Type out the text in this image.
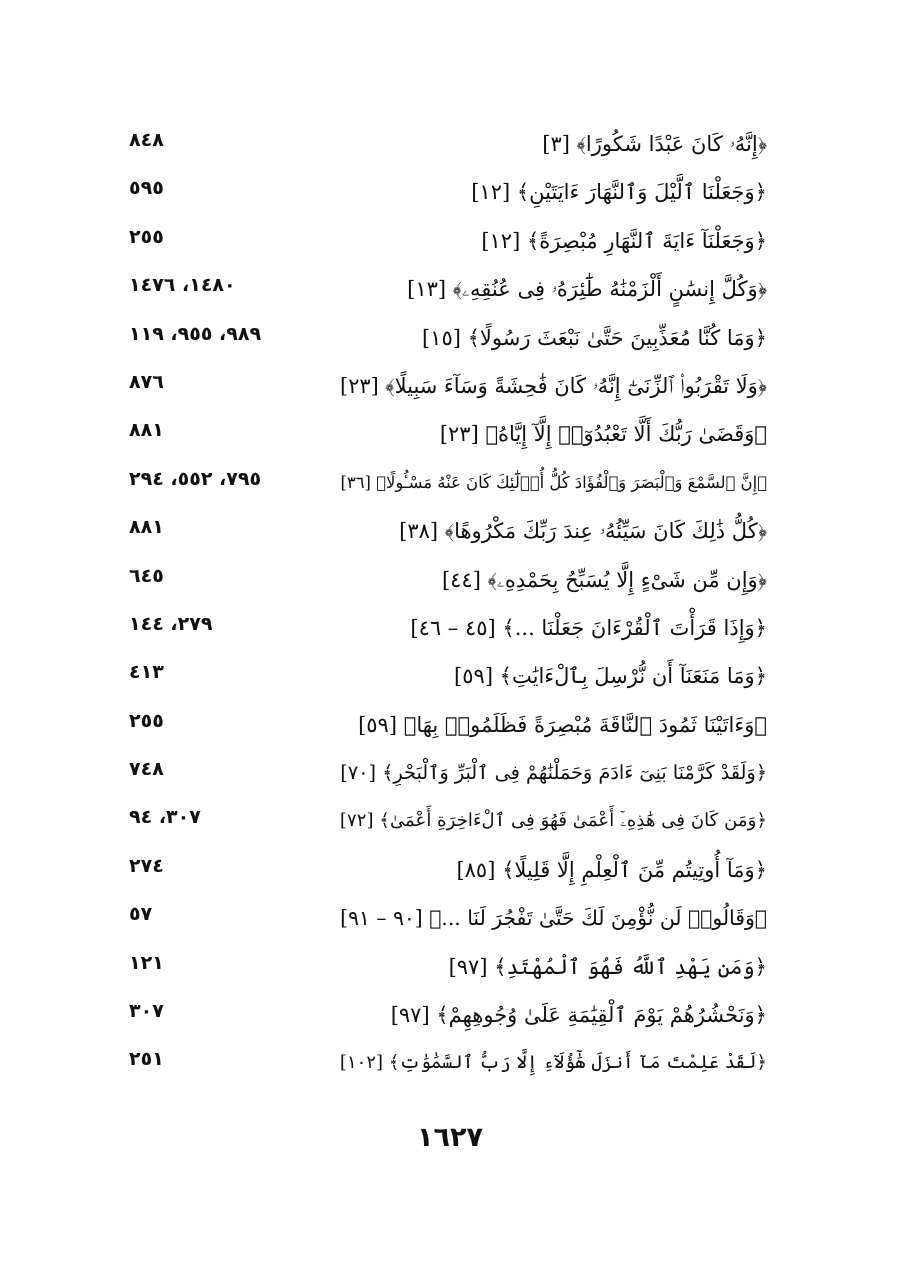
﴿إِنَّهُۥ كَانَ عَبْدًا شَكُورًا﴾ [٣]
٨٤٨
﴿وَجَعَلْنَا ٱلَّيْلَ وَٱلنَّهَارَ ءَايَتَيْنِ﴾ [١٢]
٥٩٥
﴿وَجَعَلْنَآ ءَايَةَ ٱلنَّهَارِ مُبْصِرَةً﴾ [١٢]
٢٥٥
﴿وَكُلَّ إِنسَٰنٍ أَلْزَمْنَٰهُ طَٰٓئِرَهُۥ فِى عُنُقِهِۦ﴾ [١٣]
١٤٨٠، ١٤٧٦
﴿وَمَا كُنَّا مُعَذِّبِينَ حَتَّىٰ نَبْعَثَ رَسُولًا﴾ [١٥]
٩٨٩، ٩٥٥، ١١٩
﴿وَلَا تَقْرَبُوا۟ ٱلزِّنَىٰٓ إِنَّهُۥ كَانَ فَٰحِشَةً وَسَآءَ سَبِيلًا﴾ [٢٣]
٨٧٦
﴿وَقَضَىٰ رَبُّكَ أَلَّا تَعْبُدُوٓا۟ إِلَّآ إِيَّاهُ﴾ [٢٣]
٨٨١
﴿إِنَّ ٱلسَّمْعَ وَٱلْبَصَرَ وَٱلْفُؤَادَ كُلُّ أُو۟لَٰٓئِكَ كَانَ عَنْهُ مَسْـُٔولًا﴾ [٣٦]
٧٩٥، ٥٥٢، ٢٩٤
﴿كُلُّ ذَٰلِكَ كَانَ سَيِّئُهُۥ عِندَ رَبِّكَ مَكْرُوهًا﴾ [٣٨]
٨٨١
﴿وَإِن مِّن شَىْءٍ إِلَّا يُسَبِّحُ بِحَمْدِهِۦ﴾ [٤٤]
٦٤٥
﴿وَإِذَا قَرَأْتَ ٱلْقُرْءَانَ جَعَلْنَا ...﴾ [٤٥ – ٤٦]
٢٧٩، ١٤٤
﴿وَمَا مَنَعَنَآ أَن نُّرْسِلَ بِٱلْءَايَٰتِ﴾ [٥٩]
٤١٣
﴿وَءَاتَيْنَا ثَمُودَ ٱلنَّاقَةَ مُبْصِرَةً فَظَلَمُوا۟ بِهَا﴾ [٥٩]
٢٥٥
﴿وَلَقَدْ كَرَّمْنَا بَنِىٓ ءَادَمَ وَحَمَلْنَٰهُمْ فِى ٱلْبَرِّ وَٱلْبَحْرِ﴾ [٧٠]
٧٤٨
﴿وَمَن كَانَ فِى هَٰذِهِۦٓ أَعْمَىٰ فَهُوَ فِى ٱلْءَاخِرَةِ أَعْمَىٰ﴾ [٧٢]
٣٠٧، ٩٤
﴿وَمَآ أُوتِيتُم مِّنَ ٱلْعِلْمِ إِلَّا قَلِيلًا﴾ [٨٥]
٢٧٤
﴿وَقَالُوا۟ لَن نُّؤْمِنَ لَكَ حَتَّىٰ تَفْجُرَ لَنَا ...﴾ [٩٠ – ٩١]
٥٧
﴿وَمَن يَهْدِ ٱللَّهُ فَهُوَ ٱلْمُهْتَدِ﴾ [٩٧]
١٢١
﴿وَنَحْشُرُهُمْ يَوْمَ ٱلْقِيَٰمَةِ عَلَىٰ وُجُوهِهِمْ﴾ [٩٧]
٣٠٧
﴿لَقَدْ عَلِمْتَ مَآ أَنزَلَ هَٰٓؤُلَآءِ إِلَّا رَبُّ ٱلسَّمَٰوَٰتِ﴾ [١٠٢]
٢٥١
١٦٢٧
